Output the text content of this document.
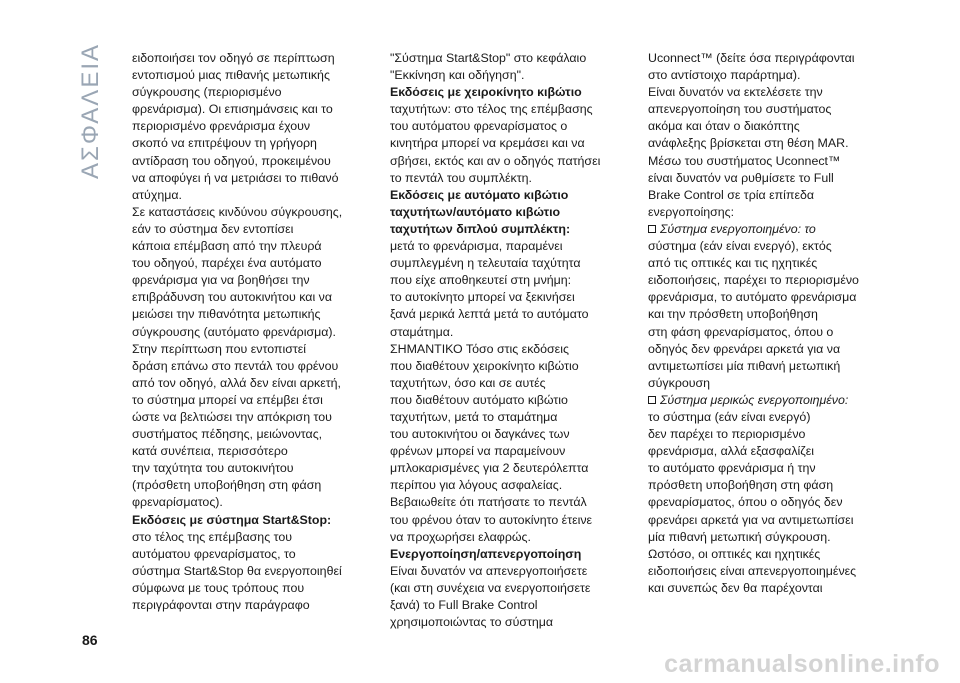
ΑΣΦΑΛΕΙΑ ειδοποιήσει τον οδηγό σε περίπτωση

εντοπισμού μιας πιθανής μετωπικής

σύγκρουσης (περιορισμένο

φρενάρισμα). Οι επισημάνσεις και το

περιορισμένο φρενάρισμα έχουν

σκοπό να επιτρέψουν τη γρήγορη

αντίδραση του οδηγού, προκειμένου

να αποφύγει ή να μετριάσει το πιθανό

ατύχημα.

Σε καταστάσεις κινδύνου σύγκρουσης,

εάν το σύστημα δεν εντοπίσει

κάποια επέμβαση από την πλευρά

του οδηγού, παρέχει ένα αυτόματο

φρενάρισμα για να βοηθήσει την

επιβράδυνση του αυτοκινήτου και να

μειώσει την πιθανότητα μετωπικής

σύγκρουσης (αυτόματο φρενάρισμα).

Στην περίπτωση που εντοπιστεί

δράση επάνω στο πεντάλ του φρένου

από τον οδηγό, αλλά δεν είναι αρκετή,

το σύστημα μπορεί να επέμβει έτσι

ώστε να βελτιώσει την απόκριση του

συστήματος πέδησης, μειώνοντας,

κατά συνέπεια, περισσότερο

την ταχύτητα του αυτοκινήτου

(πρόσθετη υποβοήθηση στη φάση

φρεναρίσματος).

Εκδόσεις με σύστημα Start&Stop:

στο τέλος της επέμβασης του

αυτόματου φρεναρίσματος, το

σύστημα Start&Stop θα ενεργοποιηθεί

σύμφωνα με τους τρόπους που

περιγράφονται στην παράγραφο

"Σύστημα Start&Stop" στο κεφάλαιο

"Εκκίνηση και οδήγηση".

Εκδόσεις με χειροκίνητο κιβώτιο

ταχυτήτων: στο τέλος της επέμβασης

του αυτόματου φρεναρίσματος ο

κινητήρα μπορεί να κρεμάσει και να

σβήσει, εκτός και αν ο οδηγός πατήσει

το πεντάλ του συμπλέκτη.

Εκδόσεις με αυτόματο κιβώτιο

ταχυτήτων/αυτόματο κιβώτιο

ταχυτήτων διπλού συμπλέκτη:

μετά το φρενάρισμα, παραμένει

συμπλεγμένη η τελευταία ταχύτητα

που είχε αποθηκευτεί στη μνήμη:

το αυτοκίνητο μπορεί να ξεκινήσει

ξανά μερικά λεπτά μετά το αυτόματο

σταμάτημα.

ΣΗΜΑΝΤΙΚΟ Τόσο στις εκδόσεις

που διαθέτουν χειροκίνητο κιβώτιο

ταχυτήτων, όσο και σε αυτές

που διαθέτουν αυτόματο κιβώτιο

ταχυτήτων, μετά το σταμάτημα

του αυτοκινήτου οι δαγκάνες των

φρένων μπορεί να παραμείνουν

μπλοκαρισμένες για 2 δευτερόλεπτα

περίπου για λόγους ασφαλείας.

Βεβαιωθείτε ότι πατήσατε το πεντάλ

του φρένου όταν το αυτοκίνητο έτεινε

να προχωρήσει ελαφρώς.

Ενεργοποίηση/απενεργοποίηση

Είναι δυνατόν να απενεργοποιήσετε

(και στη συνέχεια να ενεργοποιήσετε

ξανά) το Full Brake Control

χρησιμοποιώντας το σύστημα

Uconnect™ (δείτε όσα περιγράφονται

στο αντίστοιχο παράρτημα).

Είναι δυνατόν να εκτελέσετε την

απενεργοποίηση του συστήματος

ακόμα και όταν ο διακόπτης

ανάφλεξης βρίσκεται στη θέση MAR.

Μέσω του συστήματος Uconnect™

είναι δυνατόν να ρυθμίσετε το Full

Brake Control σε τρία επίπεδα

ενεργοποίησης:

Σύστημα ενεργοποιημένο: το

σύστημα (εάν είναι ενεργό), εκτός

από τις οπτικές και τις ηχητικές

ειδοποιήσεις, παρέχει το περιορισμένο

φρενάρισμα, το αυτόματο φρενάρισμα

και την πρόσθετη υποβοήθηση

στη φάση φρεναρίσματος, όπου ο

οδηγός δεν φρενάρει αρκετά για να

αντιμετωπίσει μία πιθανή μετωπική

σύγκρουση

Σύστημα μερικώς ενεργοποιημένο:

το σύστημα (εάν είναι ενεργό)

δεν παρέχει το περιορισμένο

φρενάρισμα, αλλά εξασφαλίζει

το αυτόματο φρενάρισμα ή την

πρόσθετη υποβοήθηση στη φάση

φρεναρίσματος, όπου ο οδηγός δεν

φρενάρει αρκετά για να αντιμετωπίσει

μία πιθανή μετωπική σύγκρουση.

Ωστόσο, οι οπτικές και ηχητικές

ειδοποιήσεις είναι απενεργοποιημένες

και συνεπώς δεν θα παρέχονται

86
carmanualsonline.info
